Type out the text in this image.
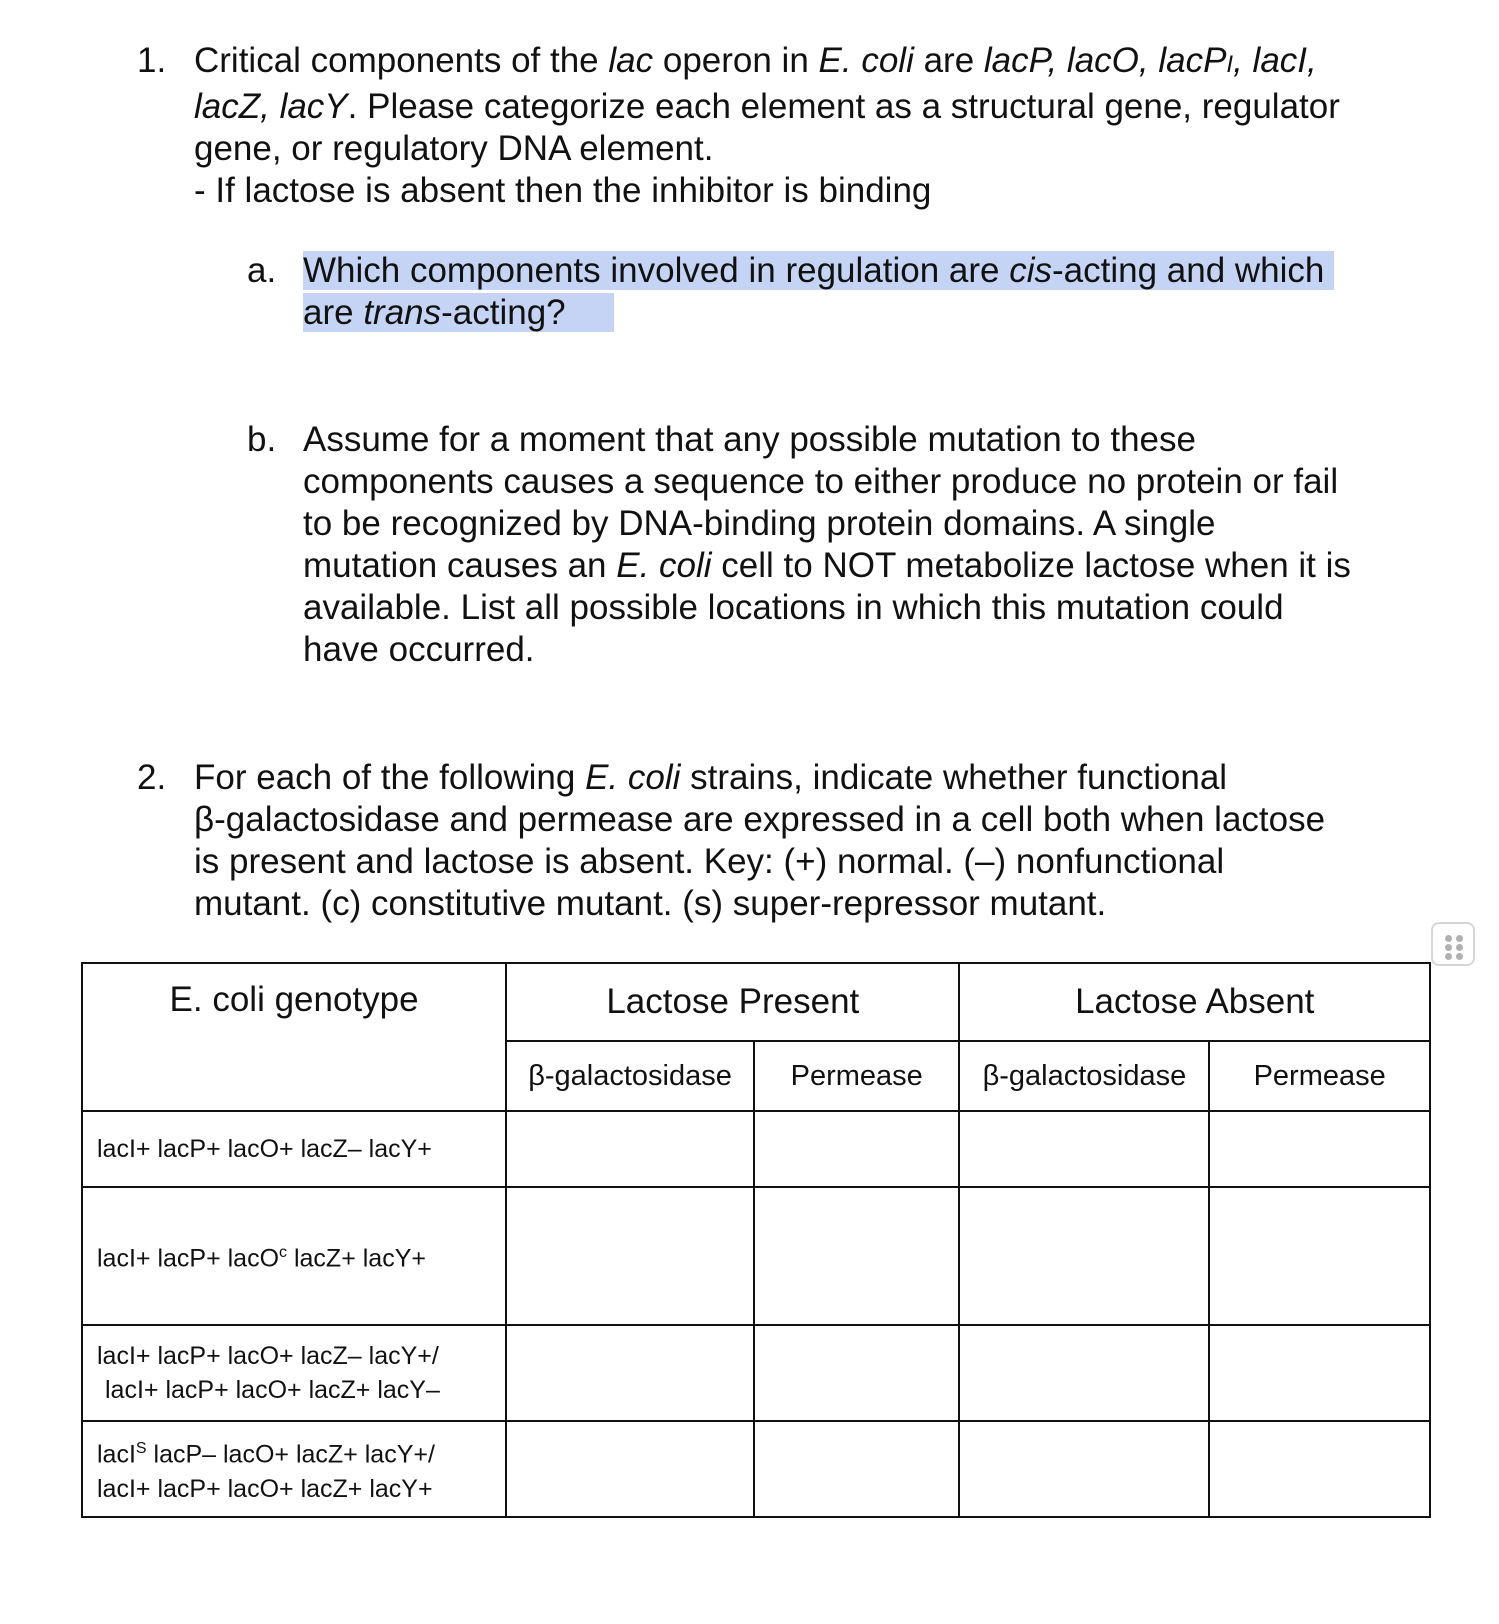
1. Critical components of the lac operon in E. coli are lacP, lacO, lacPI, lacI,
lacZ, lacY. Please categorize each element as a structural gene, regulator
gene, or regulatory DNA element.
- If lactose is absent then the inhibitor is binding
a. Which components involved in regulation are cis-acting and which
are trans-acting?
b. Assume for a moment that any possible mutation to these
components causes a sequence to either produce no protein or fail
to be recognized by DNA-binding protein domains. A single
mutation causes an E. coli cell to NOT metabolize lactose when it is
available. List all possible locations in which this mutation could
have occurred.
2. For each of the following E. coli strains, indicate whether functional
β-galactosidase and permease are expressed in a cell both when lactose
is present and lactose is absent. Key: (+) normal. (–) nonfunctional
mutant. (c) constitutive mutant. (s) super-repressor mutant.
E. coli genotype	Lactose Present		Lactose Absent	
	β-galactosidase	Permease	β-galactosidase	Permease
lacI+ lacP+ lacO+ lacZ– lacY+				
lacI+ lacP+ lacO$^c$ lacZ+ lacY+				

lacI+ lacP+ lacO+ lacZ– lacY+/
lacI+ lacP+ lacO+ lacZ+ lacY–				

lacI$^S$ lacP– lacO+ lacZ+ lacY+/
lacI+ lacP+ lacO+ lacZ+ lacY+				
